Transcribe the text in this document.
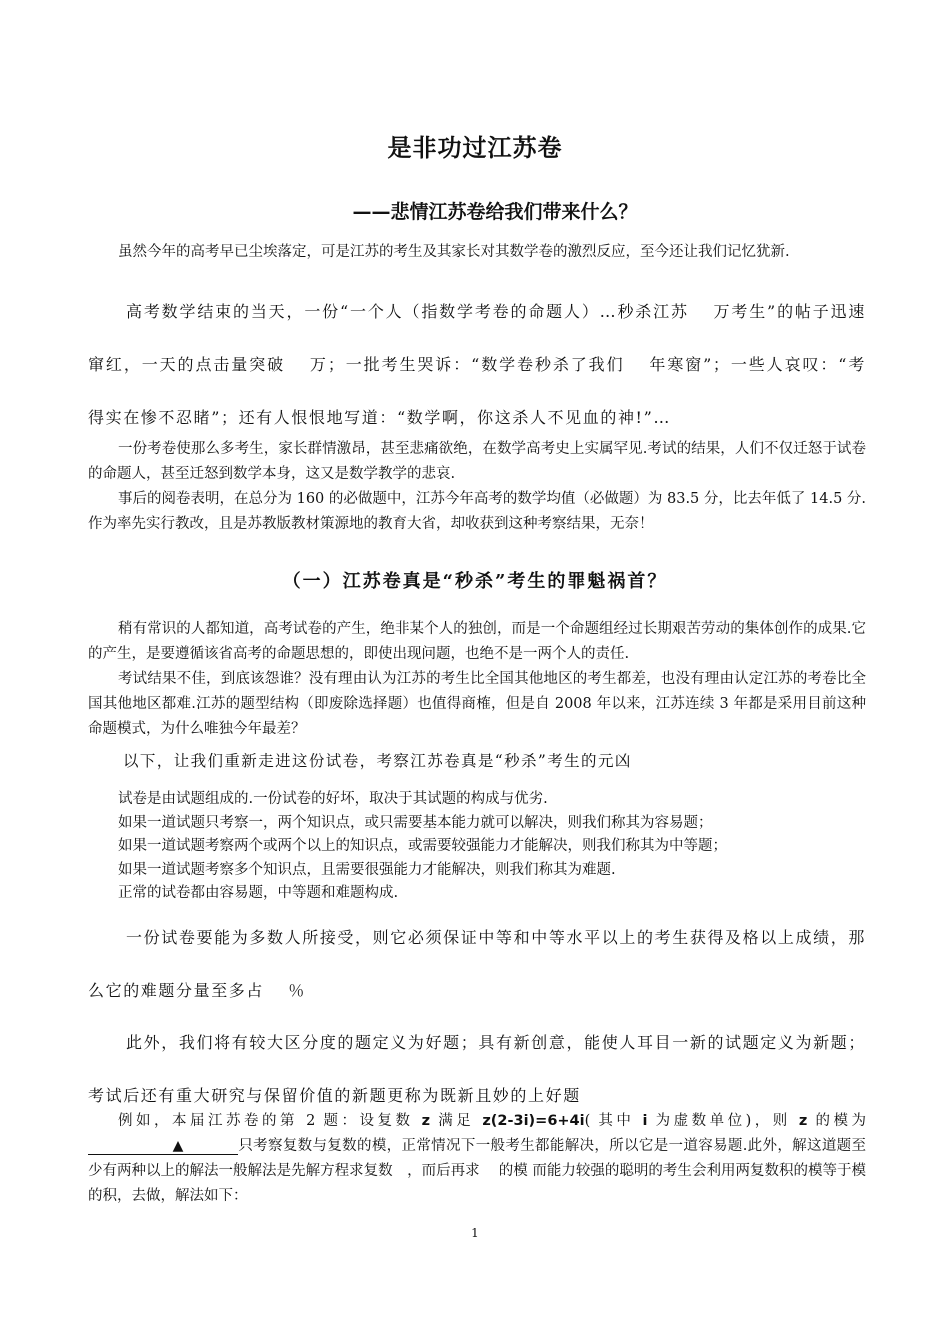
是非功过江苏卷
——悲情江苏卷给我们带来什么？
虽然今年的高考早已尘埃落定，可是江苏的考生及其家长对其数学卷的激烈反应，至今还让我们记忆犹新.
高考数学结束的当天，一份“一个人（指数学考卷的命题人）…秒杀江苏　 万考生”的帖子迅速窜红，一天的点击量突破　 万；一批考生哭诉：“数学卷秒杀了我们　 年寒窗”；一些人哀叹：“考得实在惨不忍睹”；还有人恨恨地写道：“数学啊，你这杀人不见血的神!”…
一份考卷使那么多考生，家长群情激昂，甚至悲痛欲绝，在数学高考史上实属罕见.考试的结果，人们不仅迁怒于试卷的命题人，甚至迁怒到数学本身，这又是数学教学的悲哀.
事后的阅卷表明，在总分为 160 的必做题中，江苏今年高考的数学均值（必做题）为 83.5 分，比去年低了 14.5 分. 作为率先实行教改，且是苏教版教材策源地的教育大省，却收获到这种考察结果，无奈！
（一）江苏卷真是“秒杀”考生的罪魁祸首？
稍有常识的人都知道，高考试卷的产生，绝非某个人的独创，而是一个命题组经过长期艰苦劳动的集体创作的成果.它的产生，是要遵循该省高考的命题思想的，即使出现问题，也绝不是一两个人的责任.
考试结果不佳，到底该怨谁？没有理由认为江苏的考生比全国其他地区的考生都差，也没有理由认定江苏的考卷比全国其他地区都难.江苏的题型结构（即废除选择题）也值得商榷，但是自 2008 年以来，江苏连续 3 年都是采用目前这种命题模式，为什么唯独今年最差？
以下，让我们重新走进这份试卷，考察江苏卷真是“秒杀”考生的元凶
试卷是由试题组成的.一份试卷的好坏，取决于其试题的构成与优劣.
如果一道试题只考察一，两个知识点，或只需要基本能力就可以解决，则我们称其为容易题；
如果一道试题考察两个或两个以上的知识点，或需要较强能力才能解决，则我们称其为中等题；
如果一道试题考察多个知识点，且需要很强能力才能解决，则我们称其为难题.
正常的试卷都由容易题，中等题和难题构成.
一份试卷要能为多数人所接受，则它必须保证中等和中等水平以上的考生获得及格以上成绩，那么它的难题分量至多占　 ％
此外，我们将有较大区分度的题定义为好题；具有新创意，能使人耳目一新的试题定义为新题；考试后还有重大研究与保留价值的新题更称为既新且妙的上好题
例如，本届江苏卷的第 2 题：设复数 z 满足 z(2-3i)=6+4i( 其中 i 为虚数单位)，则 z 的模为▲	只考察复数与复数的模，正常情况下一般考生都能解决，所以它是一道容易题.此外，解这道题至少有两种以上的解法一般解法是先解方程求复数　，而后再求　 的模 而能力较强的聪明的考生会利用两复数积的模等于模的积，去做，解法如下：
1
